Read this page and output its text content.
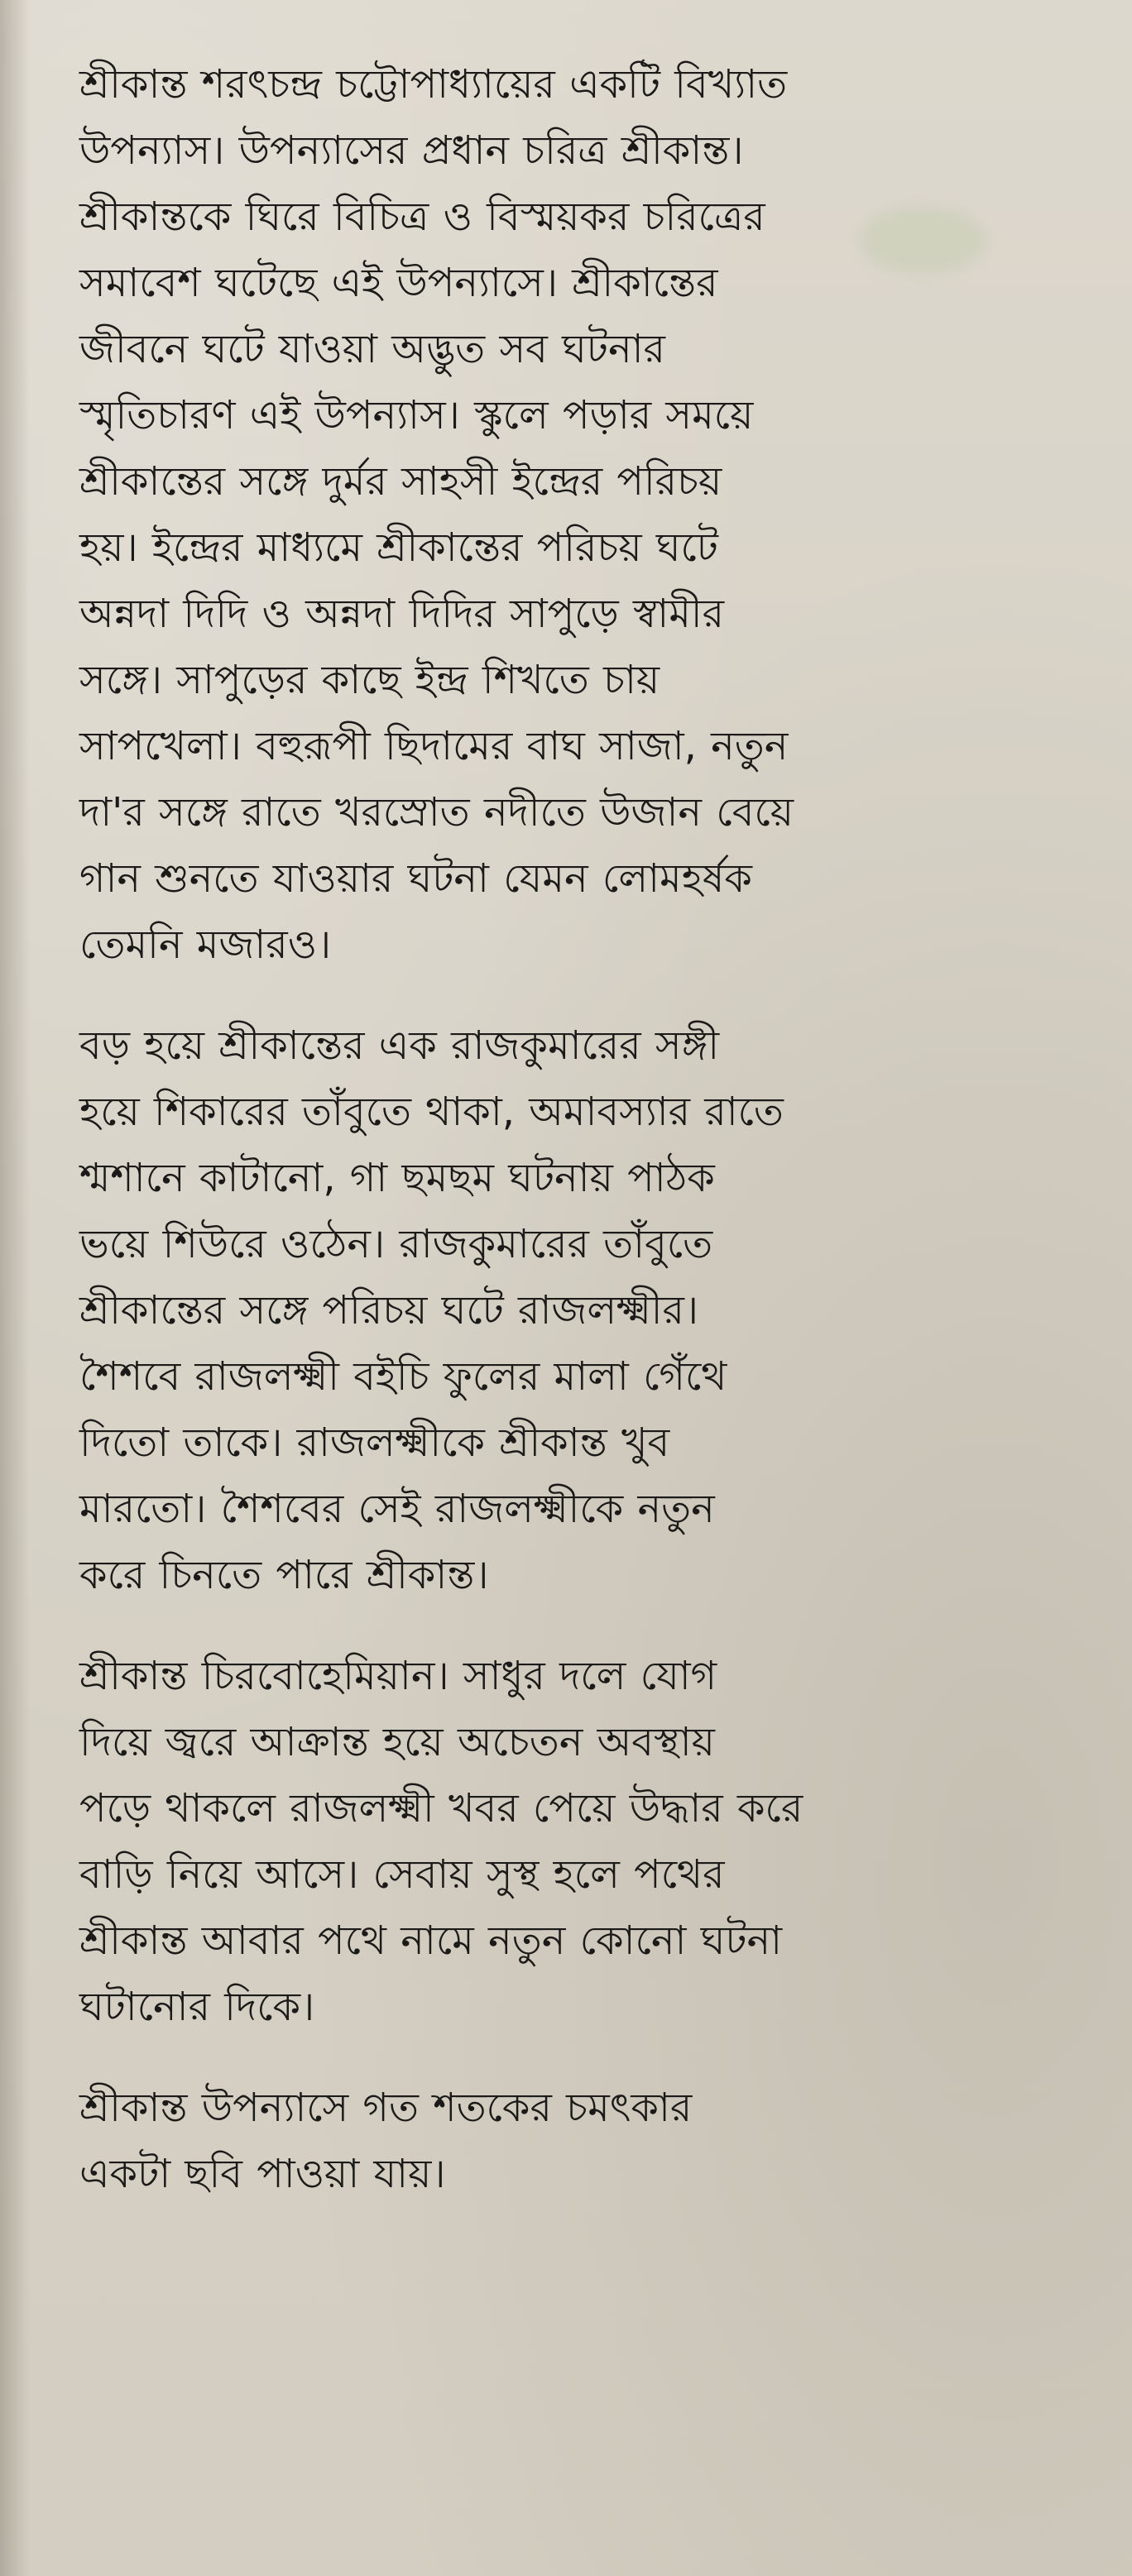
শ্রীকান্ত শরৎচন্দ্র চট্টোপাধ্যায়ের একটি বিখ্যাত
উপন্যাস। উপন্যাসের প্রধান চরিত্র শ্রীকান্ত।
শ্রীকান্তকে ঘিরে বিচিত্র ও বিস্ময়কর চরিত্রের
সমাবেশ ঘটেছে এই উপন্যাসে। শ্রীকান্তের
জীবনে ঘটে যাওয়া অদ্ভুত সব ঘটনার
স্মৃতিচারণ এই উপন্যাস। স্কুলে পড়ার সময়ে
শ্রীকান্তের সঙ্গে দুর্মর সাহসী ইন্দ্রের পরিচয়
হয়। ইন্দ্রের মাধ্যমে শ্রীকান্তের পরিচয় ঘটে
অন্নদা দিদি ও অন্নদা দিদির সাপুড়ে স্বামীর
সঙ্গে। সাপুড়ের কাছে ইন্দ্র শিখতে চায়
সাপখেলা। বহুরূপী ছিদামের বাঘ সাজা, নতুন
দা'র সঙ্গে রাতে খরস্রোত নদীতে উজান বেয়ে
গান শুনতে যাওয়ার ঘটনা যেমন লোমহর্ষক
তেমনি মজারও।

বড় হয়ে শ্রীকান্তের এক রাজকুমারের সঙ্গী
হয়ে শিকারের তাঁবুতে থাকা, অমাবস্যার রাতে
শ্মশানে কাটানো, গা ছমছম ঘটনায় পাঠক
ভয়ে শিউরে ওঠেন। রাজকুমারের তাঁবুতে
শ্রীকান্তের সঙ্গে পরিচয় ঘটে রাজলক্ষ্মীর।
শৈশবে রাজলক্ষ্মী বইচি ফুলের মালা গেঁথে
দিতো তাকে। রাজলক্ষ্মীকে শ্রীকান্ত খুব
মারতো। শৈশবের সেই রাজলক্ষ্মীকে নতুন
করে চিনতে পারে শ্রীকান্ত।

শ্রীকান্ত চিরবোহেমিয়ান। সাধুর দলে যোগ
দিয়ে জ্বরে আক্রান্ত হয়ে অচেতন অবস্থায়
পড়ে থাকলে রাজলক্ষ্মী খবর পেয়ে উদ্ধার করে
বাড়ি নিয়ে আসে। সেবায় সুস্থ হলে পথের
শ্রীকান্ত আবার পথে নামে নতুন কোনো ঘটনা
ঘটানোর দিকে।

শ্রীকান্ত উপন্যাসে গত শতকের চমৎকার
একটা ছবি পাওয়া যায়।
